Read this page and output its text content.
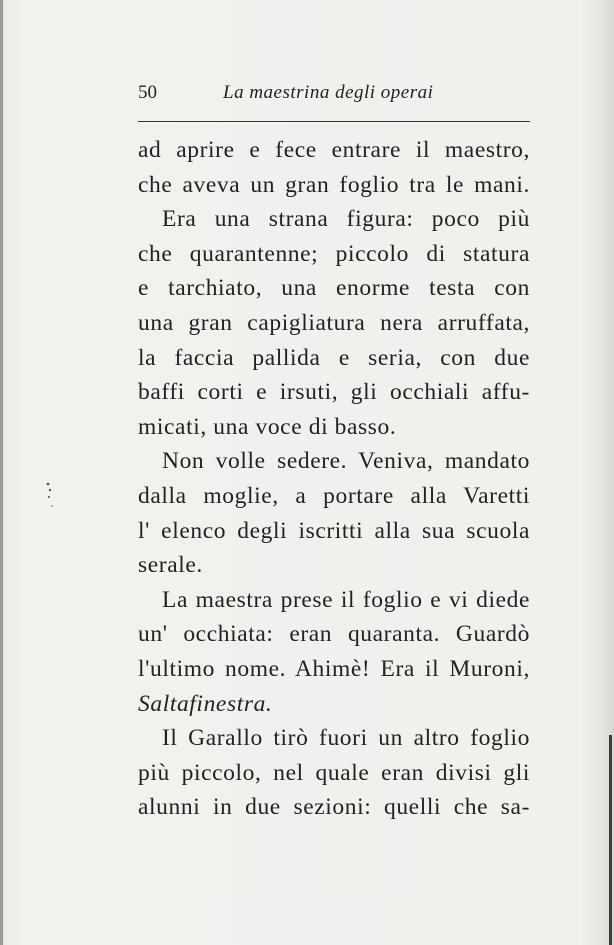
50	La maestrina degli operai
ad aprire e fece entrare il maestro,
che aveva un gran foglio tra le mani.
Era una strana figura: poco più
che quarantenne; piccolo di statura
e tarchiato, una enorme testa con
una gran capigliatura nera arruffata,
la faccia pallida e seria, con due
baffi corti e irsuti, gli occhiali affu-
micati, una voce di basso.
Non volle sedere. Veniva, mandato
dalla moglie, a portare alla Varetti
l' elenco degli iscritti alla sua scuola
serale.
La maestra prese il foglio e vi diede
un' occhiata: eran quaranta. Guardò
l'ultimo nome. Ahimè! Era il Muroni,
Saltafinestra.
Il Garallo tirò fuori un altro foglio
più piccolo, nel quale eran divisi gli
alunni in due sezioni: quelli che sa-
